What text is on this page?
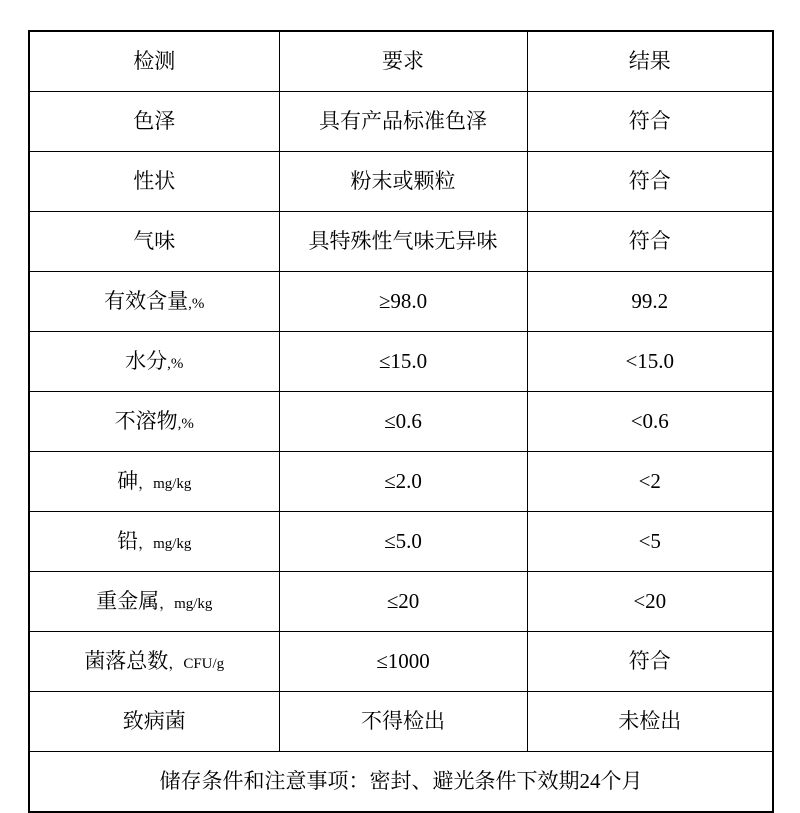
检测	要求	结果
色泽	具有产品标准色泽	符合
性状	粉末或颗粒	符合
气味	具特殊性气味无异味	符合
有效含量,%	≥98.0	99.2
水分,%	≤15.0	<15.0
不溶物,%	≤0.6	<0.6
砷，mg/kg	≤2.0	<2
铅，mg/kg	≤5.0	<5
重金属，mg/kg	≤20	<20
菌落总数，CFU/g	≤1000	符合
致病菌	不得检出	未检出
储存条件和注意事项：密封、避光条件下效期24个月		
